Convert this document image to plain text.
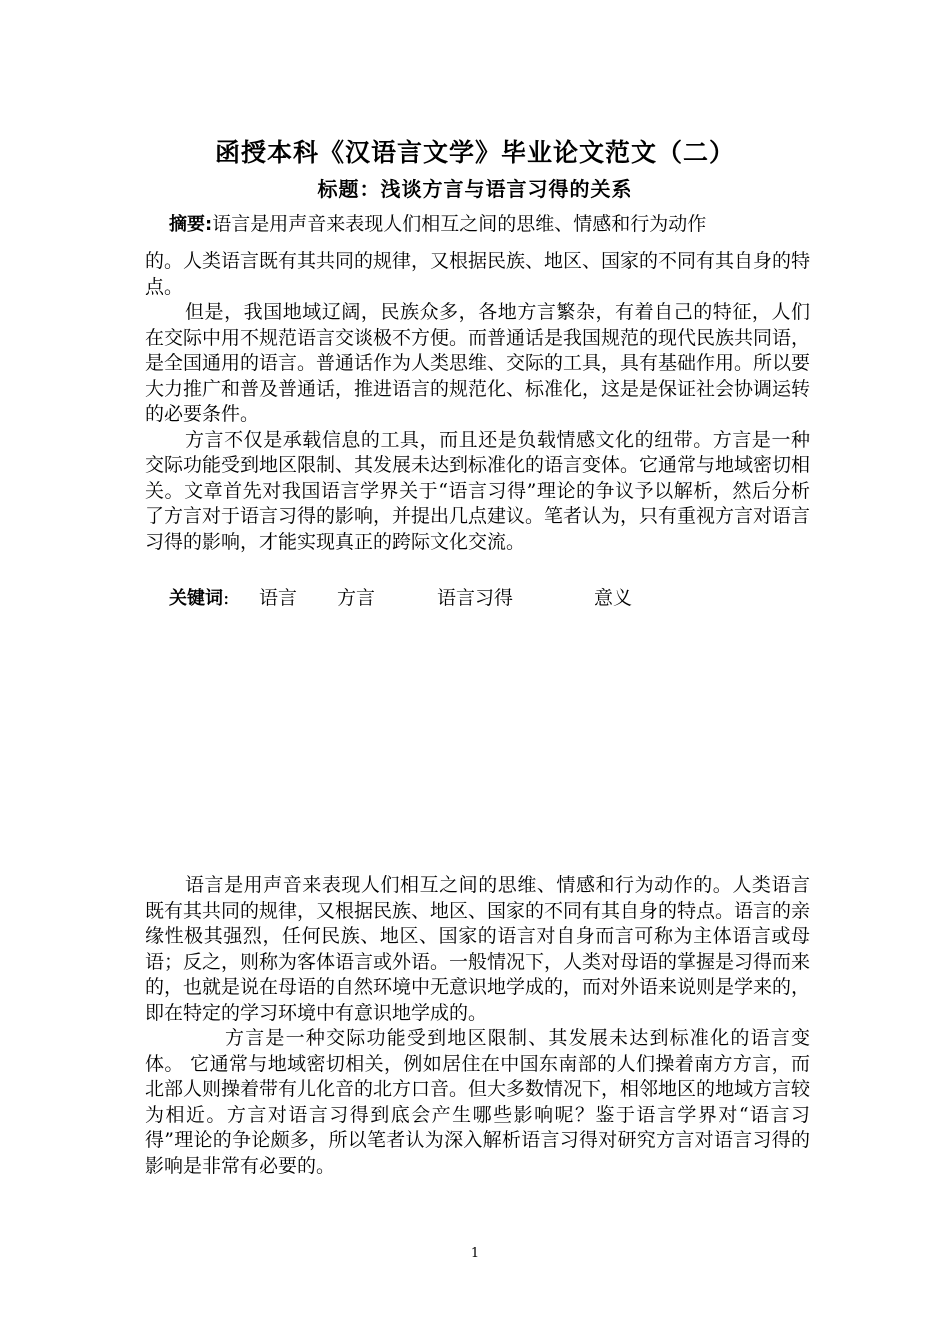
函授本科《汉语言文学》毕业论文范文（二）
标题：浅谈方言与语言习得的关系
摘要:语言是用声音来表现人们相互之间的思维、情感和行为动作

的。人类语言既有其共同的规律，又根据民族、地区、国家的不同有其自身的特点。

但是，我国地域辽阔，民族众多，各地方言繁杂，有着自己的特征，人们在交际中用不规范语言交谈极不方便。而普通话是我国规范的现代民族共同语，是全国通用的语言。普通话作为人类思维、交际的工具，具有基础作用。所以要大力推广和普及普通话，推进语言的规范化、标准化，这是是保证社会协调运转的必要条件。

方言不仅是承载信息的工具，而且还是负载情感文化的纽带。方言是一种交际功能受到地区限制、其发展未达到标准化的语言变体。它通常与地域密切相关。文章首先对我国语言学界关于“语言习得”理论的争议予以解析，然后分析了方言对于语言习得的影响，并提出几点建议。笔者认为，只有重视方言对语言习得的影响，才能实现真正的跨际文化交流。

关键词: 语言 方言	语言习得	意义

语言是用声音来表现人们相互之间的思维、情感和行为动作的。人类语言既有其共同的规律，又根据民族、地区、国家的不同有其自身的特点。语言的亲缘性极其强烈，任何民族、地区、国家的语言对自身而言可称为主体语言或母语；反之，则称为客体语言或外语。一般情况下，人类对母语的掌握是习得而来的，也就是说在母语的自然环境中无意识地学成的，而对外语来说则是学来的，即在特定的学习环境中有意识地学成的。

方言是一种交际功能受到地区限制、其发展未达到标准化的语言变体。 它通常与地域密切相关，例如居住在中国东南部的人们操着南方方言，而北部人则操着带有儿化音的北方口音。但大多数情况下，相邻地区的地域方言较为相近。方言对语言习得到底会产生哪些影响呢？鉴于语言学界对“语言习得”理论的争论颇多，所以笔者认为深入解析语言习得对研究方言对语言习得的影响是非常有必要的。

1
